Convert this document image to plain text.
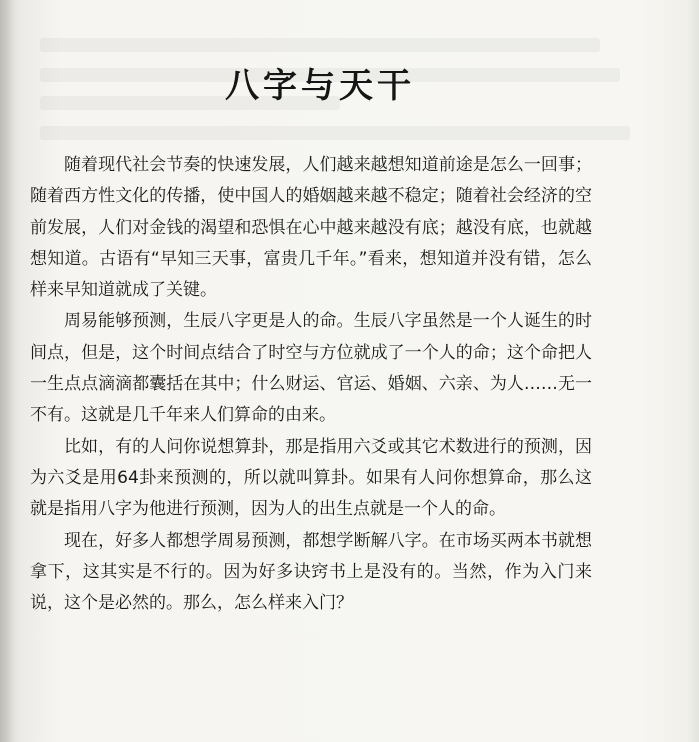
八字与天干

随着现代社会节奏的快速发展，人们越来越想知道前途是怎么一回事；随着西方性文化的传播，使中国人的婚姻越来越不稳定；随着社会经济的空前发展，人们对金钱的渴望和恐惧在心中越来越没有底；越没有底，也就越想知道。古语有“早知三天事，富贵几千年。”看来，想知道并没有错，怎么样来早知道就成了关键。

周易能够预测，生辰八字更是人的命。生辰八字虽然是一个人诞生的时间点，但是，这个时间点结合了时空与方位就成了一个人的命；这个命把人一生点点滴滴都囊括在其中；什么财运、官运、婚姻、六亲、为人……无一不有。这就是几千年来人们算命的由来。

比如，有的人问你说想算卦，那是指用六爻或其它术数进行的预测，因为六爻是用64卦来预测的，所以就叫算卦。如果有人问你想算命，那么这就是指用八字为他进行预测，因为人的出生点就是一个人的命。

现在，好多人都想学周易预测，都想学断解八字。在市场买两本书就想拿下，这其实是不行的。因为好多诀窍书上是没有的。当然，作为入门来说，这个是必然的。那么，怎么样来入门？
